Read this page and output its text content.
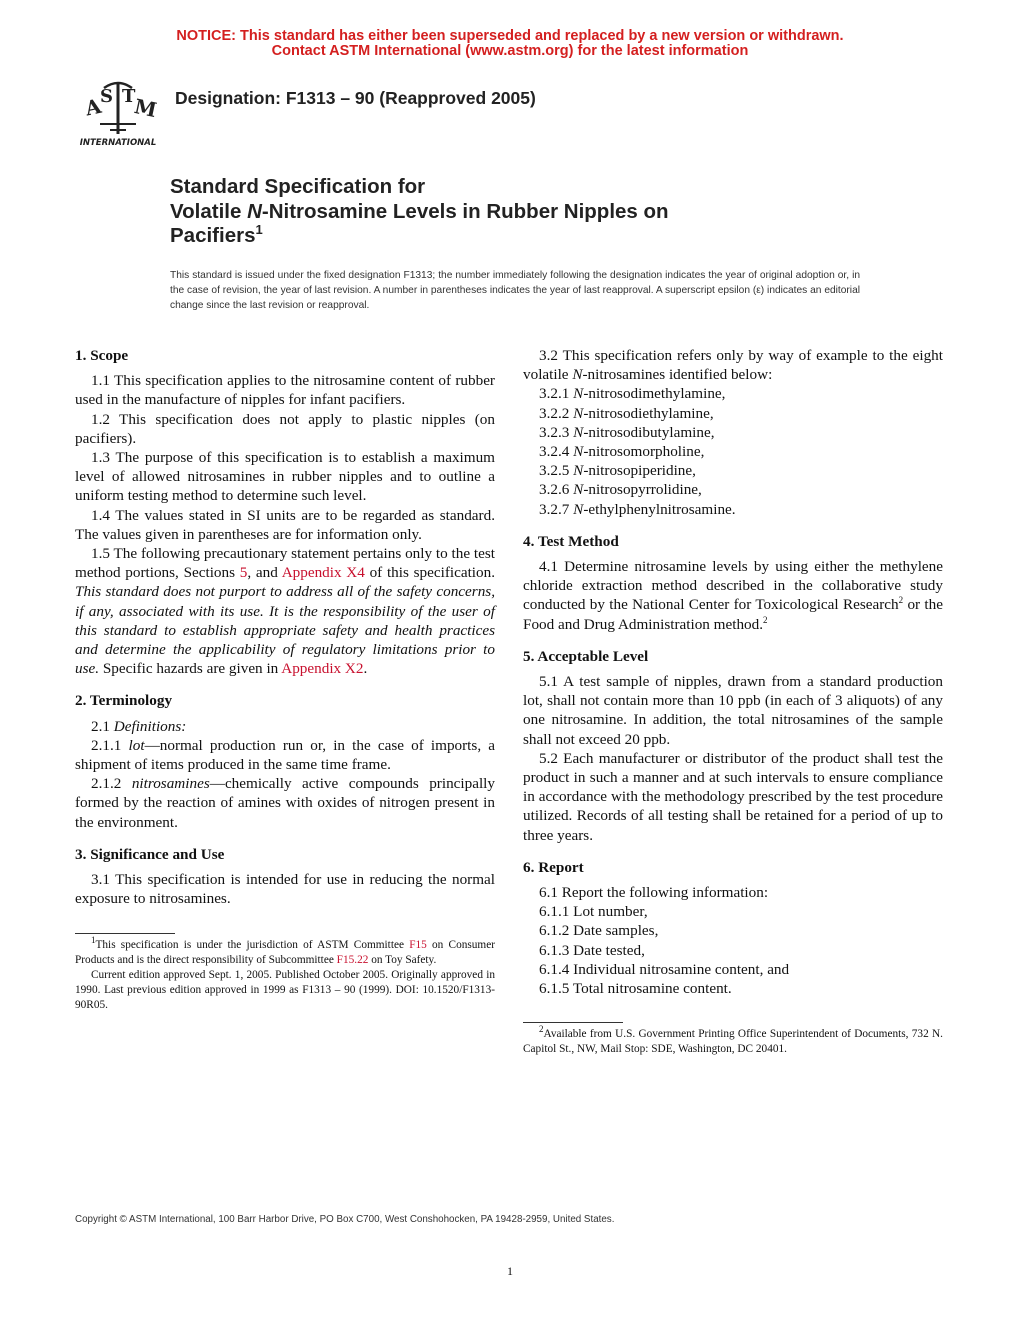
NOTICE: This standard has either been superseded and replaced by a new version or withdrawn.
Contact ASTM International (www.astm.org) for the latest information
A
S T
M
INTERNATIONAL
Designation: F1313 – 90 (Reapproved 2005)
Standard Specification for
Volatile N-Nitrosamine Levels in Rubber Nipples on
Pacifiers$^1$
This standard is issued under the fixed designation F1313; the number immediately following the designation indicates the year of original adoption or, in the case of revision, the year of last revision. A number in parentheses indicates the year of last reapproval. A superscript epsilon (ε) indicates an editorial change since the last revision or reapproval.
1. Scope

1.1 This specification applies to the nitrosamine content of rubber used in the manufacture of nipples for infant pacifiers.

1.2 This specification does not apply to plastic nipples (on pacifiers).

1.3 The purpose of this specification is to establish a maximum level of allowed nitrosamines in rubber nipples and to outline a uniform testing method to determine such level.

1.4 The values stated in SI units are to be regarded as standard. The values given in parentheses are for information only.

1.5 The following precautionary statement pertains only to the test method portions, Sections 5, and Appendix X4 of this specification. This standard does not purport to address all of the safety concerns, if any, associated with its use. It is the responsibility of the user of this standard to establish appropriate safety and health practices and determine the applicability of regulatory limitations prior to use. Specific hazards are given in Appendix X2.

2. Terminology

2.1 Definitions:

2.1.1 lot—normal production run or, in the case of imports, a shipment of items produced in the same time frame.

2.1.2 nitrosamines—chemically active compounds principally formed by the reaction of amines with oxides of nitrogen present in the environment.

3. Significance and Use

3.1 This specification is intended for use in reducing the normal exposure to nitrosamines.

$^1$This specification is under the jurisdiction of ASTM Committee F15 on Consumer Products and is the direct responsibility of Subcommittee F15.22 on Toy Safety.

Current edition approved Sept. 1, 2005. Published October 2005. Originally approved in 1990. Last previous edition approved in 1999 as F1313 – 90 (1999). DOI: 10.1520/F1313-90R05.

3.2 This specification refers only by way of example to the eight volatile N-nitrosamines identified below:

3.2.1 N-nitrosodimethylamine,

3.2.2 N-nitrosodiethylamine,

3.2.3 N-nitrosodibutylamine,

3.2.4 N-nitrosomorpholine,

3.2.5 N-nitrosopiperidine,

3.2.6 N-nitrosopyrrolidine,

3.2.7 N-ethylphenylnitrosamine.

4. Test Method

4.1 Determine nitrosamine levels by using either the methylene chloride extraction method described in the collaborative study conducted by the National Center for Toxicological Research$^2$ or the Food and Drug Administration method.$^2$

5. Acceptable Level

5.1 A test sample of nipples, drawn from a standard production lot, shall not contain more than 10 ppb (in each of 3 aliquots) of any one nitrosamine. In addition, the total nitrosamines of the sample shall not exceed 20 ppb.

5.2 Each manufacturer or distributor of the product shall test the product in such a manner and at such intervals to ensure compliance in accordance with the methodology prescribed by the test procedure utilized. Records of all testing shall be retained for a period of up to three years.

6. Report

6.1 Report the following information:

6.1.1 Lot number,

6.1.2 Date samples,

6.1.3 Date tested,

6.1.4 Individual nitrosamine content, and

6.1.5 Total nitrosamine content.

$^2$Available from U.S. Government Printing Office Superintendent of Documents, 732 N. Capitol St., NW, Mail Stop: SDE, Washington, DC 20401.

Copyright © ASTM International, 100 Barr Harbor Drive, PO Box C700, West Conshohocken, PA 19428-2959, United States.
1
